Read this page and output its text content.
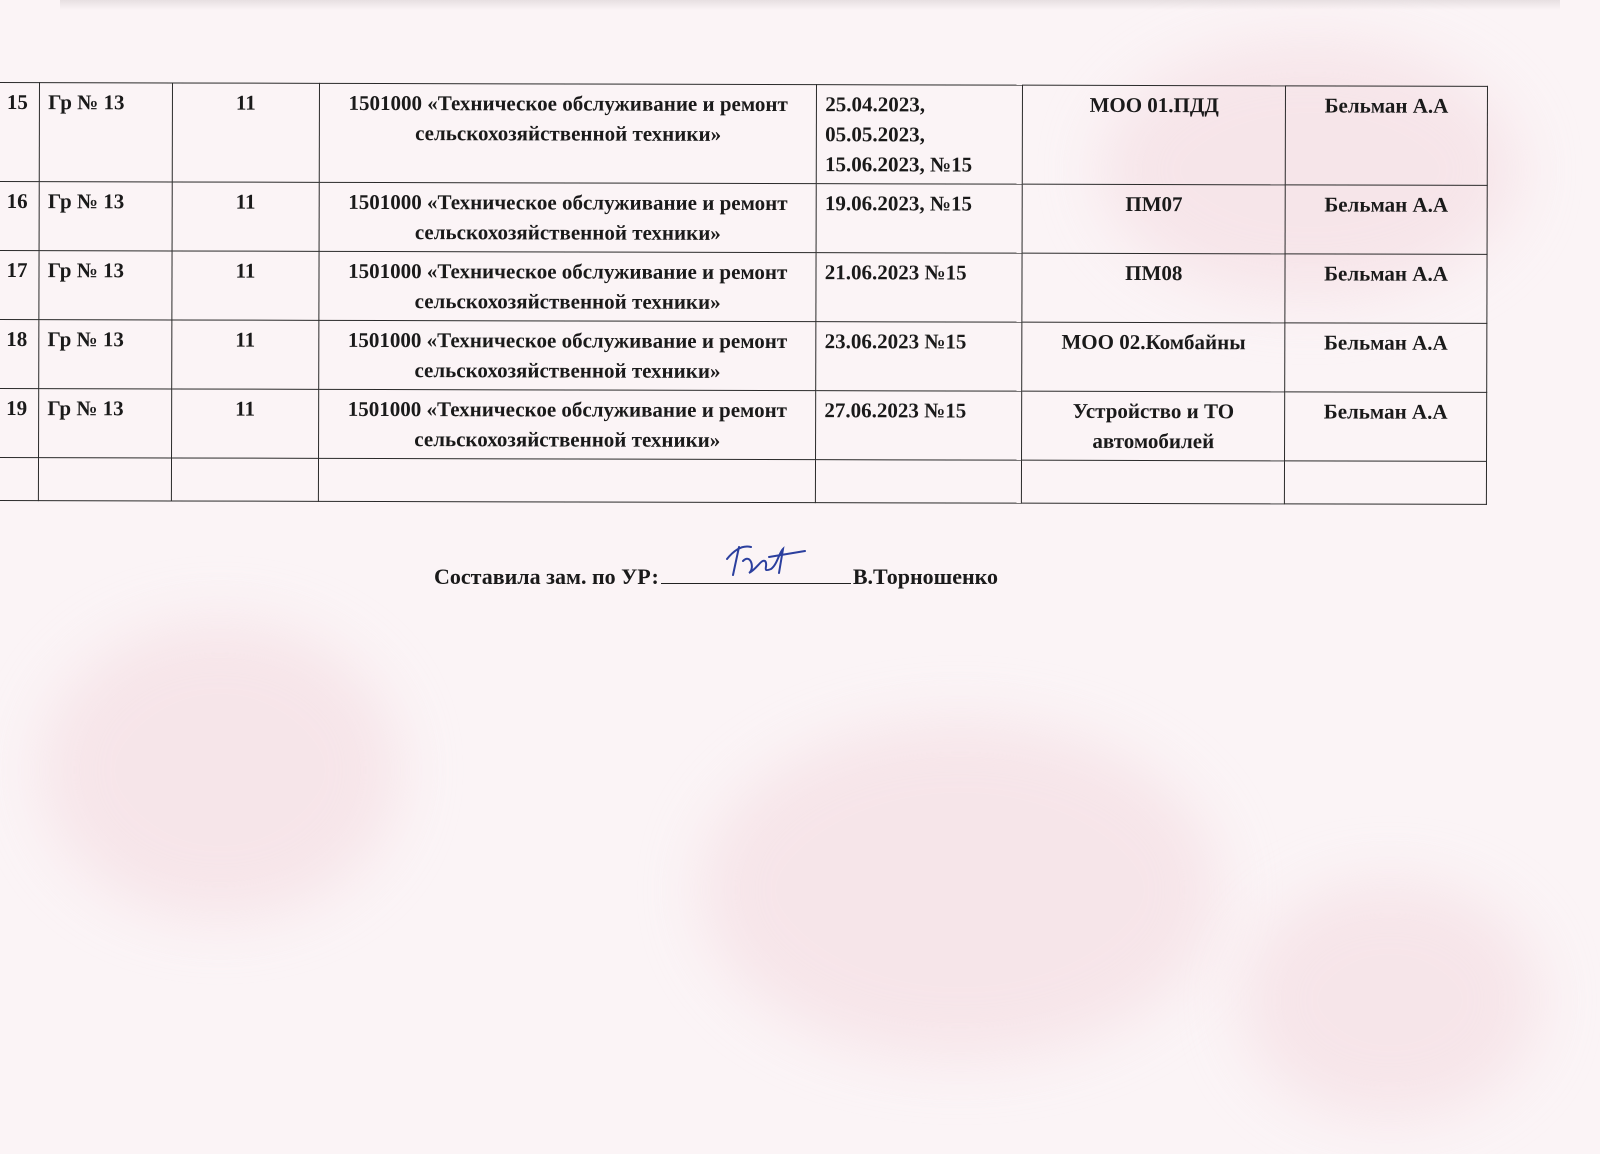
15	Гр № 13	11	1501000 «Техническое обслуживание и ремонт сельскохозяйственной техники»	25.04.2023,
05.05.2023,
15.06.2023, №15	МОО 01.ПДД	Бельман А.А
16	Гр № 13	11	1501000 «Техническое обслуживание и ремонт сельскохозяйственной техники»	19.06.2023, №15	ПМ07	Бельман А.А
17	Гр № 13	11	1501000 «Техническое обслуживание и ремонт сельскохозяйственной техники»	21.06.2023 №15	ПМ08	Бельман А.А
18	Гр № 13	11	1501000 «Техническое обслуживание и ремонт сельскохозяйственной техники»	23.06.2023 №15	МОО 02.Комбайны	Бельман А.А
19	Гр № 13	11	1501000 «Техническое обслуживание и ремонт сельскохозяйственной техники»	27.06.2023 №15	Устройство и ТО автомобилей	Бельман А.А

Составила зам. по УР:	В.Торношенко
